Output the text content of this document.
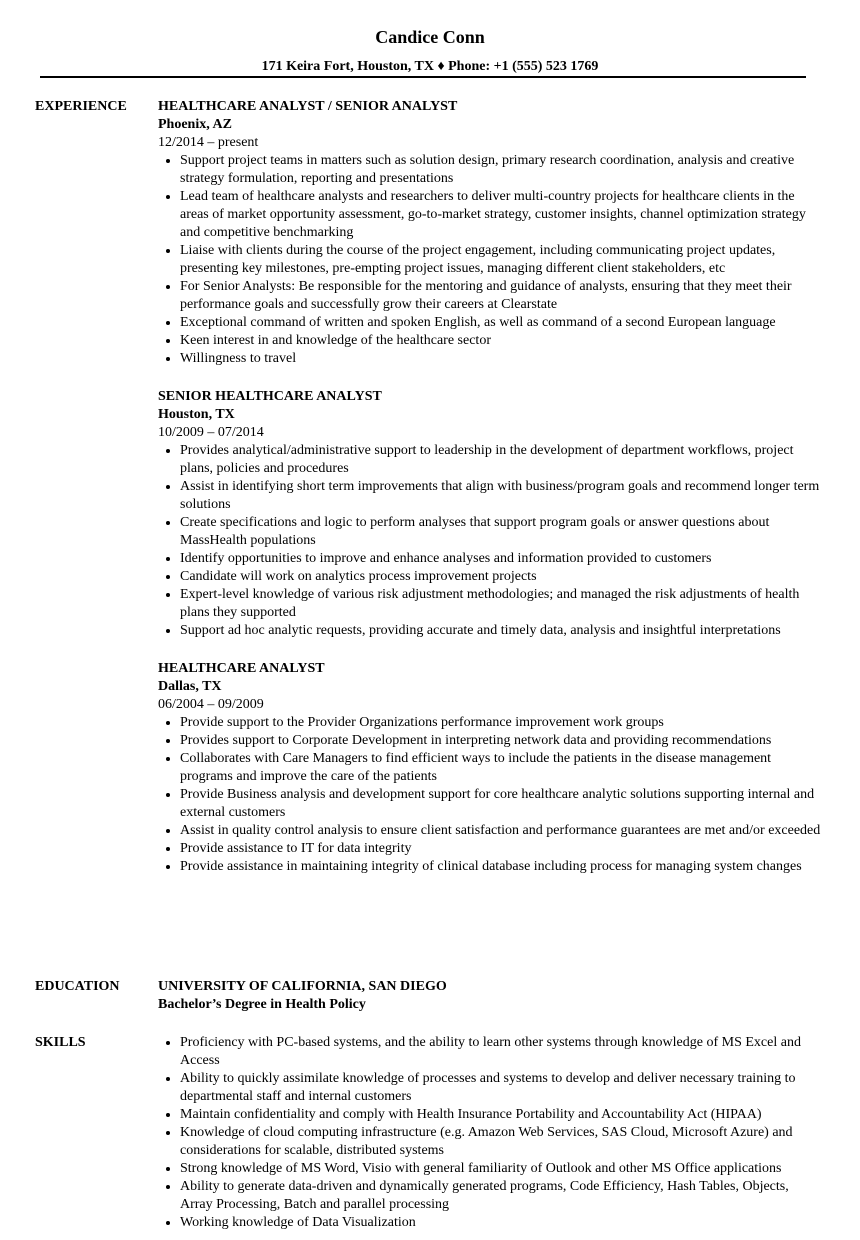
Candice Conn
171 Keira Fort, Houston, TX ♦ Phone: +1 (555) 523 1769
EXPERIENCE HEALTHCARE ANALYST / SENIOR ANALYST
Phoenix, AZ
12/2014 – present
• Support project teams in matters such as solution design, primary research coordination, analysis and creative strategy formulation, reporting and presentations
• Lead team of healthcare analysts and researchers to deliver multi-country projects for healthcare clients in the areas of market opportunity assessment, go-to-market strategy, customer insights, channel optimization strategy and competitive benchmarking
• Liaise with clients during the course of the project engagement, including communicating project updates, presenting key milestones, pre-empting project issues, managing different client stakeholders, etc
• For Senior Analysts: Be responsible for the mentoring and guidance of analysts, ensuring that they meet their performance goals and successfully grow their careers at Clearstate
• Exceptional command of written and spoken English, as well as command of a second European language
• Keen interest in and knowledge of the healthcare sector
• Willingness to travel
SENIOR HEALTHCARE ANALYST
Houston, TX
10/2009 – 07/2014
• Provides analytical/administrative support to leadership in the development of department workflows, project plans, policies and procedures
• Assist in identifying short term improvements that align with business/program goals and recommend longer term solutions
• Create specifications and logic to perform analyses that support program goals or answer questions about MassHealth populations
• Identify opportunities to improve and enhance analyses and information provided to customers
• Candidate will work on analytics process improvement projects
• Expert-level knowledge of various risk adjustment methodologies; and managed the risk adjustments of health plans they supported
• Support ad hoc analytic requests, providing accurate and timely data, analysis and insightful interpretations
HEALTHCARE ANALYST
Dallas, TX
06/2004 – 09/2009
• Provide support to the Provider Organizations performance improvement work groups
• Provides support to Corporate Development in interpreting network data and providing recommendations
• Collaborates with Care Managers to find efficient ways to include the patients in the disease management programs and improve the care of the patients
• Provide Business analysis and development support for core healthcare analytic solutions supporting internal and external customers
• Assist in quality control analysis to ensure client satisfaction and performance guarantees are met and/or exceeded
• Provide assistance to IT for data integrity
• Provide assistance in maintaining integrity of clinical database including process for managing system changes
EDUCATION	UNIVERSITY OF CALIFORNIA, SAN DIEGO
Bachelor’s Degree in Health Policy
SKILLS
•	Proficiency with PC-based systems, and the ability to learn other systems through knowledge of MS Excel and Access
• Ability to quickly assimilate knowledge of processes and systems to develop and deliver necessary training to departmental staff and internal customers
• Maintain confidentiality and comply with Health Insurance Portability and Accountability Act (HIPAA)
• Knowledge of cloud computing infrastructure (e.g. Amazon Web Services, SAS Cloud, Microsoft Azure) and considerations for scalable, distributed systems
• Strong knowledge of MS Word, Visio with general familiarity of Outlook and other MS Office applications
• Ability to generate data-driven and dynamically generated programs, Code Efficiency, Hash Tables, Objects, Array Processing, Batch and parallel processing
• Working knowledge of Data Visualization
